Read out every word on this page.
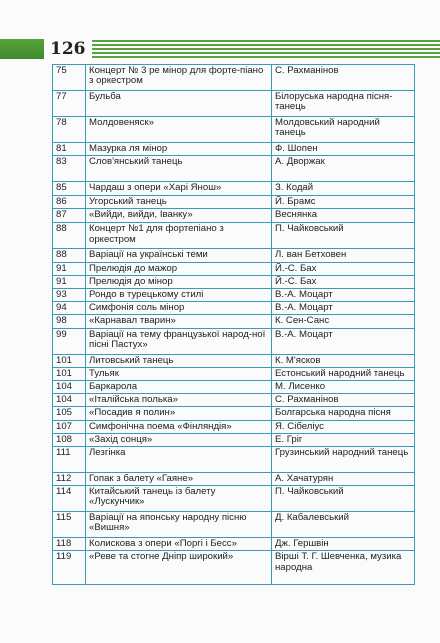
126
75	Концерт № 3 ре мінор для форте-піано з оркестром	С. Рахманінов
77	Бульба	Білоруська народна пісня-танець
78	Молдовеняск»	Молдовський народний танець
81	Мазурка ля мінор	Ф. Шопен
83	Слов'янський танець	А. Дворжак
85	Чардаш з опери «Харі Янош»	З. Кодай
86	Угорський танець	Й. Брамс
87	«Вийди, вийди, Іванку»	Веснянка
88	Концерт №1 для фортепіано з оркестром	П. Чайковський
88	Варіації на українські теми	Л. ван Бетховен
91	Прелюдія до мажор	Й.-С. Бах
91	Прелюдія до мінор	Й.-С. Бах
93	Рондо в турецькому стилі	В.-А. Моцарт
94	Симфонія соль мінор	В.-А. Моцарт
98	«Карнавал тварин»	К. Сен-Санс
99	Варіації на тему французької народ-ної пісні Пастух»	В.-А. Моцарт
101	Литовський танець	К. М'ясков
101	Тульяк	Естонський народний танець
104	Баркарола	М. Лисенко
104	«Італійська полька»	С. Рахманінов
105	«Посадив я полин»	Болгарська народна пісня
107	Симфонічна поема «Фінляндія»	Я. Сібеліус
108	«Захід сонця»	Е. Гріг
111	Лезгінка	Грузинський народний танець
112	Гопак з балету «Гаяне»	А. Хачатурян
114	Китайський танець із балету «Лускунчик»	П. Чайковський
115	Варіації на японську народну пісню «Вишня»	Д. Кабалевський
118	Колискова з опери «Поргі і Бесс»	Дж. Гершвін
119	«Реве та стогне Дніпр широкий»	Вірші Т. Г. Шевченка, музика народна
